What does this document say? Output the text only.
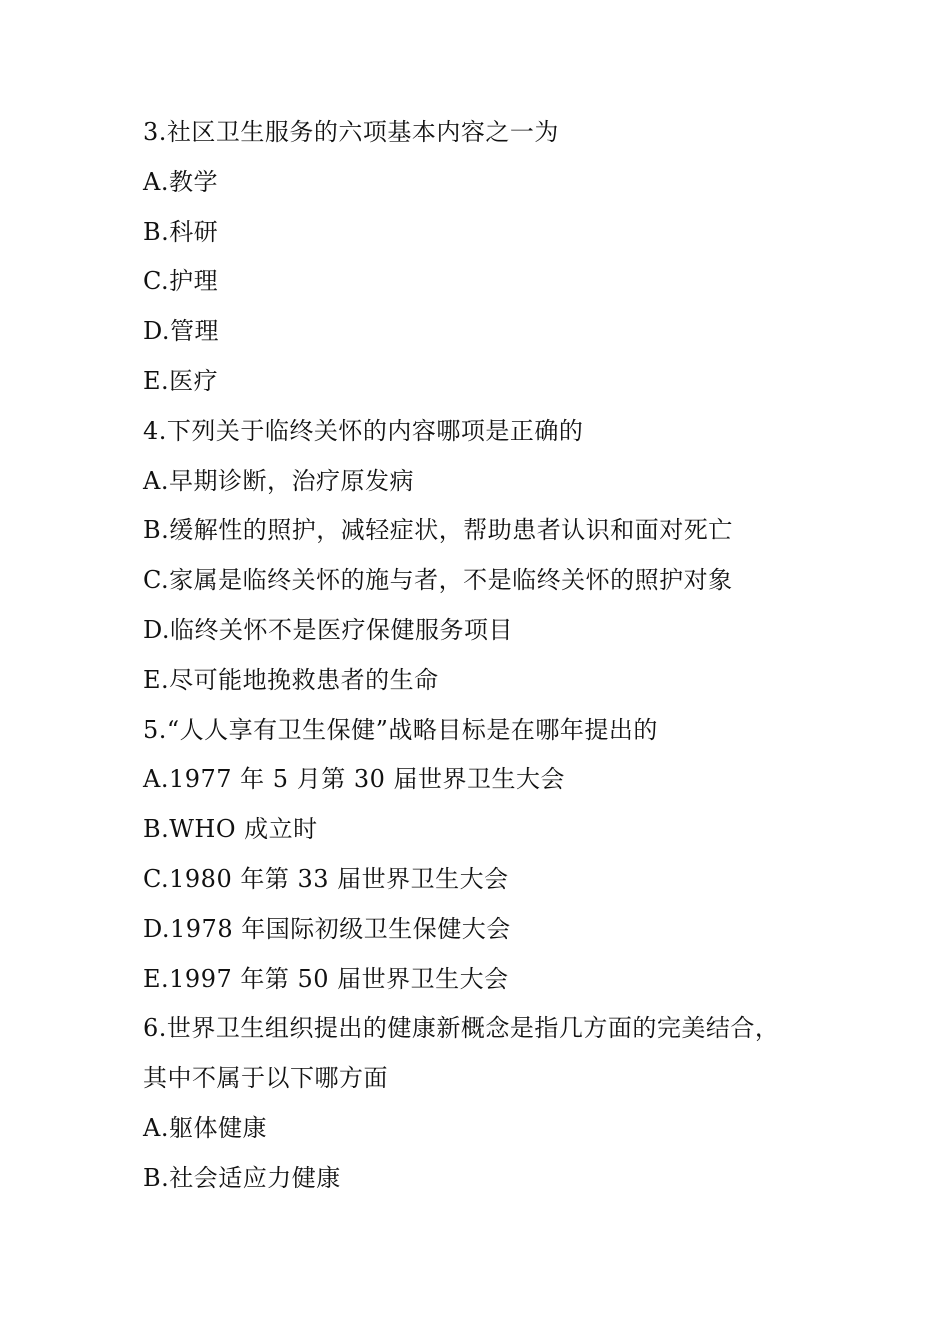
3.社区卫生服务的六项基本内容之一为
A.教学
B.科研
C.护理
D.管理
E.医疗
4.下列关于临终关怀的内容哪项是正确的
A.早期诊断，治疗原发病
B.缓解性的照护，减轻症状，帮助患者认识和面对死亡
C.家属是临终关怀的施与者，不是临终关怀的照护对象
D.临终关怀不是医疗保健服务项目
E.尽可能地挽救患者的生命
5.“人人享有卫生保健”战略目标是在哪年提出的
A.1977 年 5 月第 30 届世界卫生大会
B.WHO 成立时
C.1980 年第 33 届世界卫生大会
D.1978 年国际初级卫生保健大会
E.1997 年第 50 届世界卫生大会
6.世界卫生组织提出的健康新概念是指几方面的完美结合，
其中不属于以下哪方面
A.躯体健康
B.社会适应力健康
